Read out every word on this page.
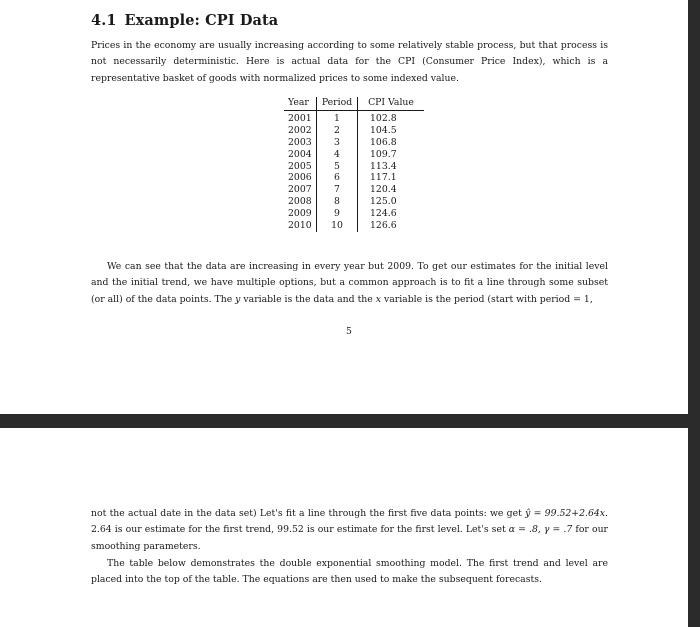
4.1 Example: CPI Data
Prices in the economy are usually increasing according to some relatively stable process, but that process is not necessarily deterministic. Here is actual data for the CPI (Consumer Price Index), which is a representative basket of goods with normalized prices to some indexed value.
Year	Period	CPI Value
2001	1	102.8
2002	2	104.5
2003	3	106.8
2004	4	109.7
2005	5	113.4
2006	6	117.1
2007	7	120.4
2008	8	125.0
2009	9	124.6
2010	10	126.6
We can see that the data are increasing in every year but 2009. To get our estimates for the initial level and the initial trend, we have multiple options, but a common approach is to fit a line through some subset (or all) of the data points. The y variable is the data and the x variable is the period (start with period = 1,
5
not the actual date in the data set) Let's fit a line through the first five data points: we get ŷ = 99.52+2.64x. 2.64 is our estimate for the first trend, 99.52 is our estimate for the first level. Let's set α = .8, γ = .7 for our smoothing parameters.
The table below demonstrates the double exponential smoothing model. The first trend and level are placed into the top of the table. The equations are then used to make the subsequent forecasts.
